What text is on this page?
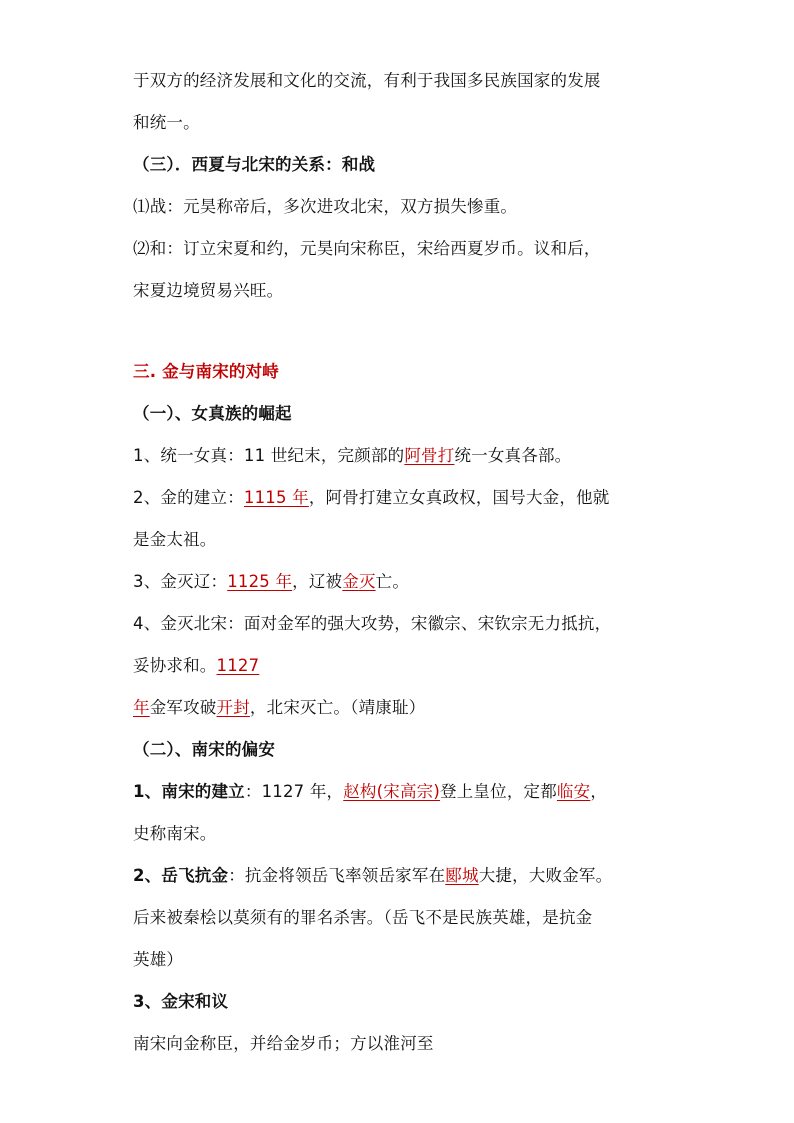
于双方的经济发展和文化的交流，有利于我国多民族国家的发展
和统一。
（三）．西夏与北宋的关系：和战
⑴战：元昊称帝后，多次进攻北宋，双方损失惨重。
⑵和：订立宋夏和约，元昊向宋称臣，宋给西夏岁币。议和后，
宋夏边境贸易兴旺。
三. 金与南宋的对峙
（一）、女真族的崛起
1、统一女真：11 世纪末，完颜部的阿骨打统一女真各部。
2、金的建立：1115 年，阿骨打建立女真政权，国号大金，他就
是金太祖。
3、金灭辽：1125 年，辽被金灭亡。
4、金灭北宋：面对金军的强大攻势，宋徽宗、宋钦宗无力抵抗，
妥协求和。1127
年金军攻破开封，北宋灭亡。（靖康耻）
（二）、南宋的偏安
1、南宋的建立：1127 年，赵构(宋高宗)登上皇位，定都临安，
史称南宋。
2、岳飞抗金：抗金将领岳飞率领岳家军在郾城大捷，大败金军。
后来被秦桧以莫须有的罪名杀害。（岳飞不是民族英雄，是抗金
英雄）
3、金宋和议
南宋向金称臣，并给金岁币；方以淮河至
